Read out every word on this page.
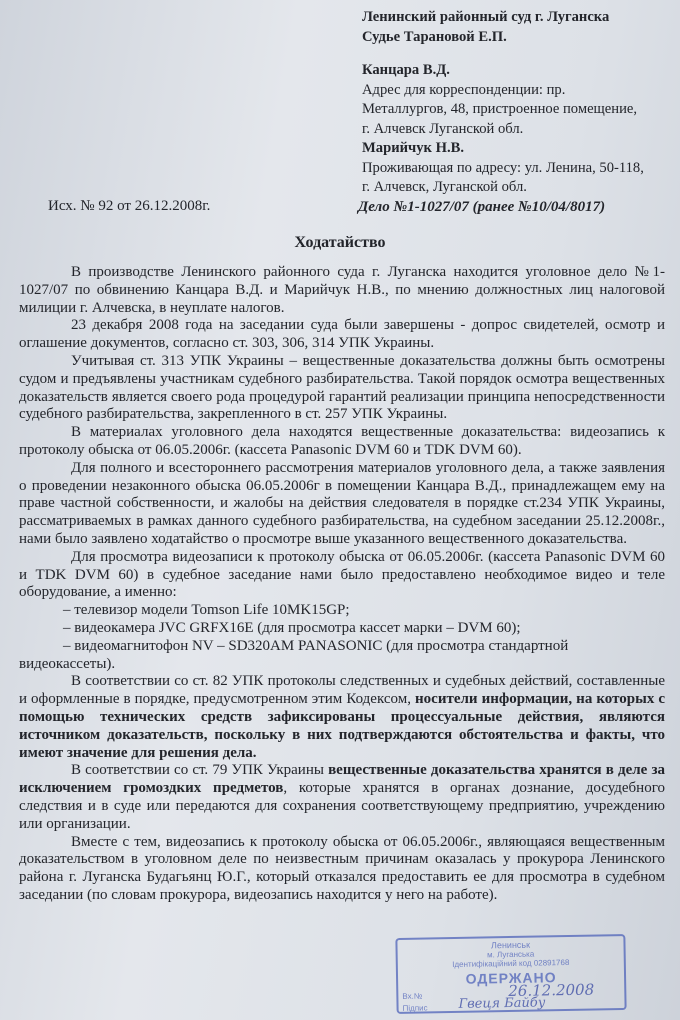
Ленинский районный суд г. Луганска
Судье Тарановой Е.П.
Канцара В.Д.
Адрес для корреспонденции: пр.
Металлургов, 48, пристроенное помещение,
г. Алчевск Луганской обл.
Марийчук Н.В.
Проживающая по адресу: ул. Ленина, 50-118,
г. Алчевск, Луганской обл.
Исх. № 92 от 26.12.2008г.	Дело №1-1027/07 (ранее №10/04/8017)
Ходатайство

В производстве Ленинского районного суда г. Луганска находится уголовное дело №1-1027/07 по обвинению Канцара В.Д. и Марийчук Н.В., по мнению должностных лиц налоговой милиции г. Алчевска, в неуплате налогов.

23 декабря 2008 года на заседании суда были завершены - допрос свидетелей, осмотр и оглашение документов, согласно ст. 303, 306, 314 УПК Украины.

Учитывая ст. 313 УПК Украины – вещественные доказательства должны быть осмотрены судом и предъявлены участникам судебного разбирательства. Такой порядок осмотра вещественных доказательств является своего рода процедурой гарантий реализации принципа непосредственности судебного разбирательства, закрепленного в ст. 257 УПК Украины.

В материалах уголовного дела находятся вещественные доказательства: видеозапись к протоколу обыска от 06.05.2006г. (кассета Panasonic DVM 60 и TDK DVM 60).

Для полного и всестороннего рассмотрения материалов уголовного дела, а также заявления о проведении незаконного обыска 06.05.2006г в помещении Канцара В.Д., принадлежащем ему на праве частной собственности, и жалобы на действия следователя в порядке ст.234 УПК Украины, рассматриваемых в рамках данного судебного разбирательства, на судебном заседании 25.12.2008г., нами было заявлено ходатайство о просмотре выше указанного вещественного доказательства.

Для просмотра видеозаписи к протоколу обыска от 06.05.2006г. (кассета Panasonic DVM 60 и TDK DVM 60) в судебное заседание нами было предоставлено необходимое видео и теле оборудование, а именно:

– телевизор модели Tomson Life 10MK15GP;

– видеокамера JVC GRFX16E (для просмотра кассет марки – DVM 60);

– видеомагнитофон NV – SD320AM PANASONIC (для просмотра стандартной

видеокассеты).

В соответствии со ст. 82 УПК протоколы следственных и судебных действий, составленные и оформленные в порядке, предусмотренном этим Кодексом, носители информации, на которых с помощью технических средств зафиксированы процессуальные действия, являются источником доказательств, поскольку в них подтверждаются обстоятельства и факты, что имеют значение для решения дела.

В соответствии со ст. 79 УПК Украины вещественные доказательства хранятся в деле за исключением громоздких предметов, которые хранятся в органах дознание, досудебного следствия и в суде или передаются для сохранения соответствующему предприятию, учреждению или организации.

Вместе с тем, видеозапись к протоколу обыска от 06.05.2006г., являющаяся вещественным доказательством в уголовном деле по неизвестным причинам оказалась у прокурора Ленинского района г. Луганска Будагьянц Ю.Г., который отказался предоставить ее для просмотра в судебном заседании (по словам прокурора, видеозапись находится у него на работе).

Ленинськ
м. Луганська
Ідентифікаційний код 02891768
ОДЕРЖАНО
Вх.№	26.12.2008
Підпис Гвеця Байбу
